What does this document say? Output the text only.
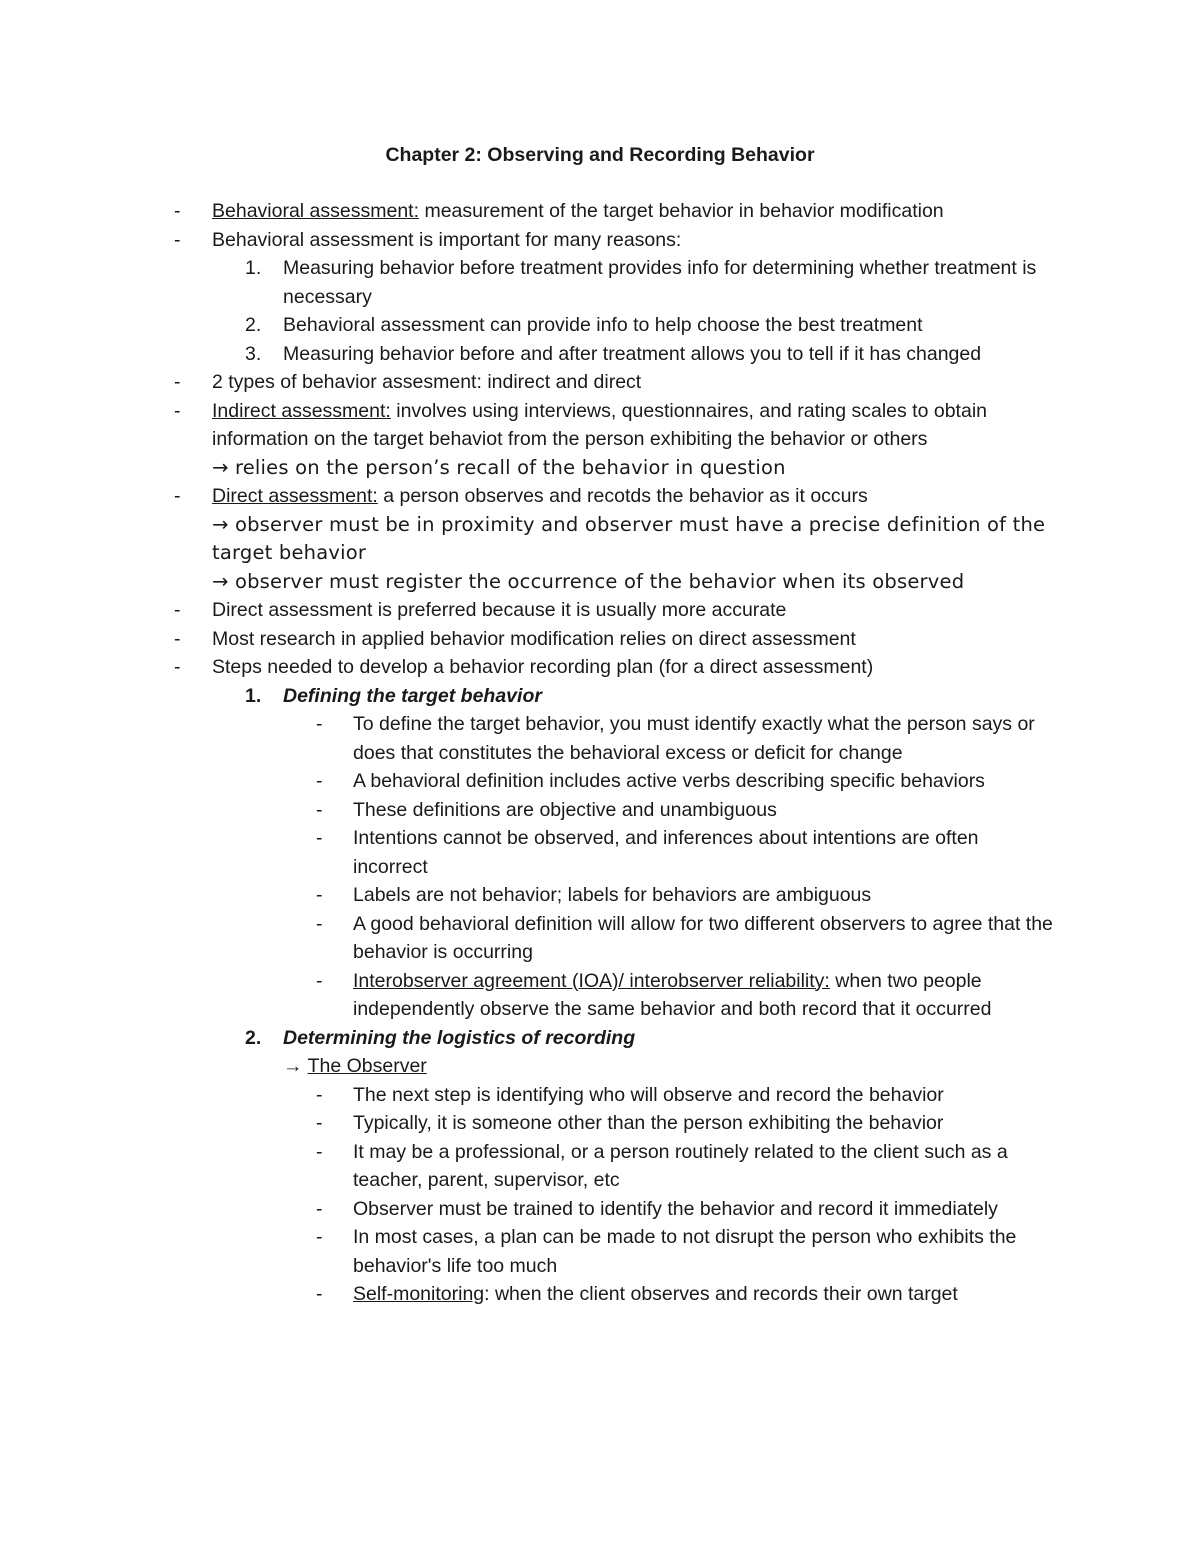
Chapter 2: Observing and Recording Behavior
- Behavioral assessment: measurement of the target behavior in behavior modification
- Behavioral assessment is important for many reasons:
1. Measuring behavior before treatment provides info for determining whether treatment is necessary
2. Behavioral assessment can provide info to help choose the best treatment
3. Measuring behavior before and after treatment allows you to tell if it has changed
- 2 types of behavior assesment: indirect and direct
- Indirect assessment: involves using interviews, questionnaires, and rating scales to obtain information on the target behaviot from the person exhibiting the behavior or others
→ relies on the person’s recall of the behavior in question
- Direct assessment: a person observes and recotds the behavior as it occurs
→ observer must be in proximity and observer must have a precise definition of the target behavior
→ observer must register the occurrence of the behavior when its observed
- Direct assessment is preferred because it is usually more accurate
- Most research in applied behavior modification relies on direct assessment
- Steps needed to develop a behavior recording plan (for a direct assessment)
1. Defining the target behavior
- To define the target behavior, you must identify exactly what the person says or does that constitutes the behavioral excess or deficit for change
- A behavioral definition includes active verbs describing specific behaviors
- These definitions are objective and unambiguous
- Intentions cannot be observed, and inferences about intentions are often incorrect
- Labels are not behavior; labels for behaviors are ambiguous
- A good behavioral definition will allow for two different observers to agree that the behavior is occurring
- Interobserver agreement (IOA)/ interobserver reliability: when two people independently observe the same behavior and both record that it occurred
2. Determining the logistics of recording
→ The Observer
- The next step is identifying who will observe and record the behavior
- Typically, it is someone other than the person exhibiting the behavior
- It may be a professional, or a person routinely related to the client such as a teacher, parent, supervisor, etc
- Observer must be trained to identify the behavior and record it immediately
- In most cases, a plan can be made to not disrupt the person who exhibits the behavior's life too much
- Self-monitoring: when the client observes and records their own target
